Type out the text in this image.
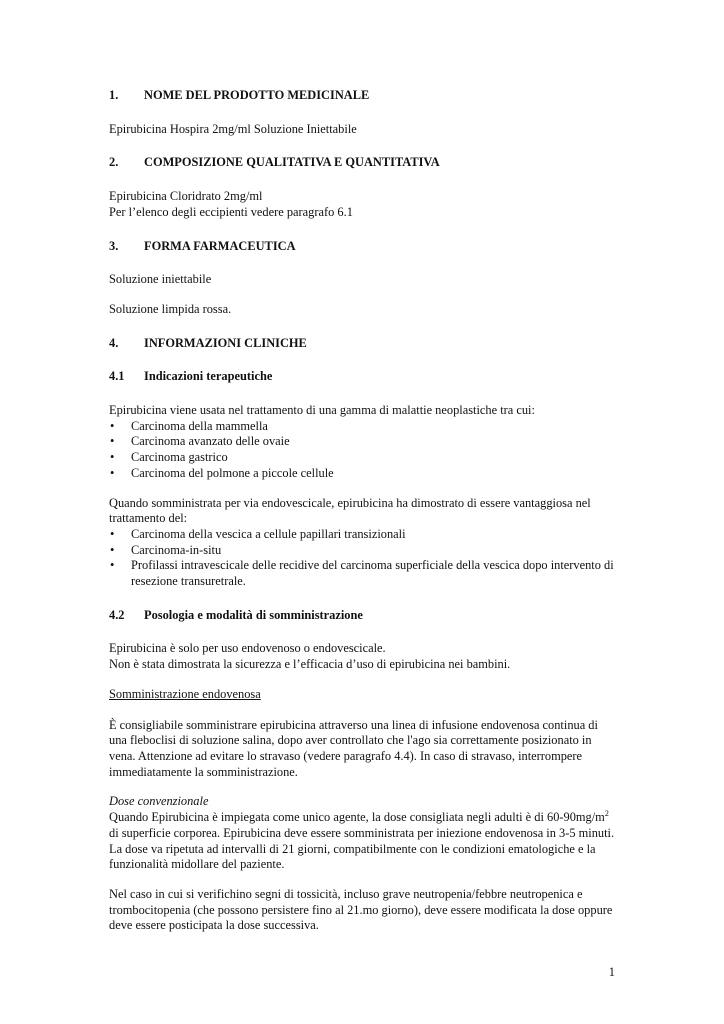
1. NOME DEL PRODOTTO MEDICINALE

Epirubicina Hospira 2mg/ml Soluzione Iniettabile

2. COMPOSIZIONE QUALITATIVA E QUANTITATIVA

Epirubicina Cloridrato 2mg/ml

Per l’elenco degli eccipienti vedere paragrafo 6.1

3. FORMA FARMACEUTICA

Soluzione iniettabile

Soluzione limpida rossa.

4. INFORMAZIONI CLINICHE
4.1 Indicazioni terapeutiche

Epirubicina viene usata nel trattamento di una gamma di malattie neoplastiche tra cui:

• Carcinoma della mammella
• Carcinoma avanzato delle ovaie
• Carcinoma gastrico
• Carcinoma del polmone a piccole cellule

Quando somministrata per via endovescicale, epirubicina ha dimostrato di essere vantaggiosa nel trattamento del:

• Carcinoma della vescica a cellule papillari transizionali
• Carcinoma-in-situ
• Profilassi intravescicale delle recidive del carcinoma superficiale della vescica dopo intervento di resezione transuretrale.
4.2 Posologia e modalità di somministrazione

Epirubicina è solo per uso endovenoso o endovescicale.

Non è stata dimostrata la sicurezza e l’efficacia d’uso di epirubicina nei bambini.

Somministrazione endovenosa

È consigliabile somministrare epirubicina attraverso una linea di infusione endovenosa continua di una fleboclisi di soluzione salina, dopo aver controllato che l'ago sia correttamente posizionato in vena. Attenzione ad evitare lo stravaso (vedere paragrafo 4.4). In caso di stravaso, interrompere immediatamente la somministrazione.

Dose convenzionale

Quando Epirubicina è impiegata come unico agente, la dose consigliata negli adulti è di $60-90mg/m^2$ di superficie corporea. Epirubicina deve essere somministrata per iniezione endovenosa in 3-5 minuti. La dose va ripetuta ad intervalli di 21 giorni, compatibilmente con le condizioni ematologiche e la funzionalità midollare del paziente.

Nel caso in cui si verifichino segni di tossicità, incluso grave neutropenia/febbre neutropenica e trombocitopenia (che possono persistere fino al 21.mo giorno), deve essere modificata la dose oppure deve essere posticipata la dose successiva.

1
